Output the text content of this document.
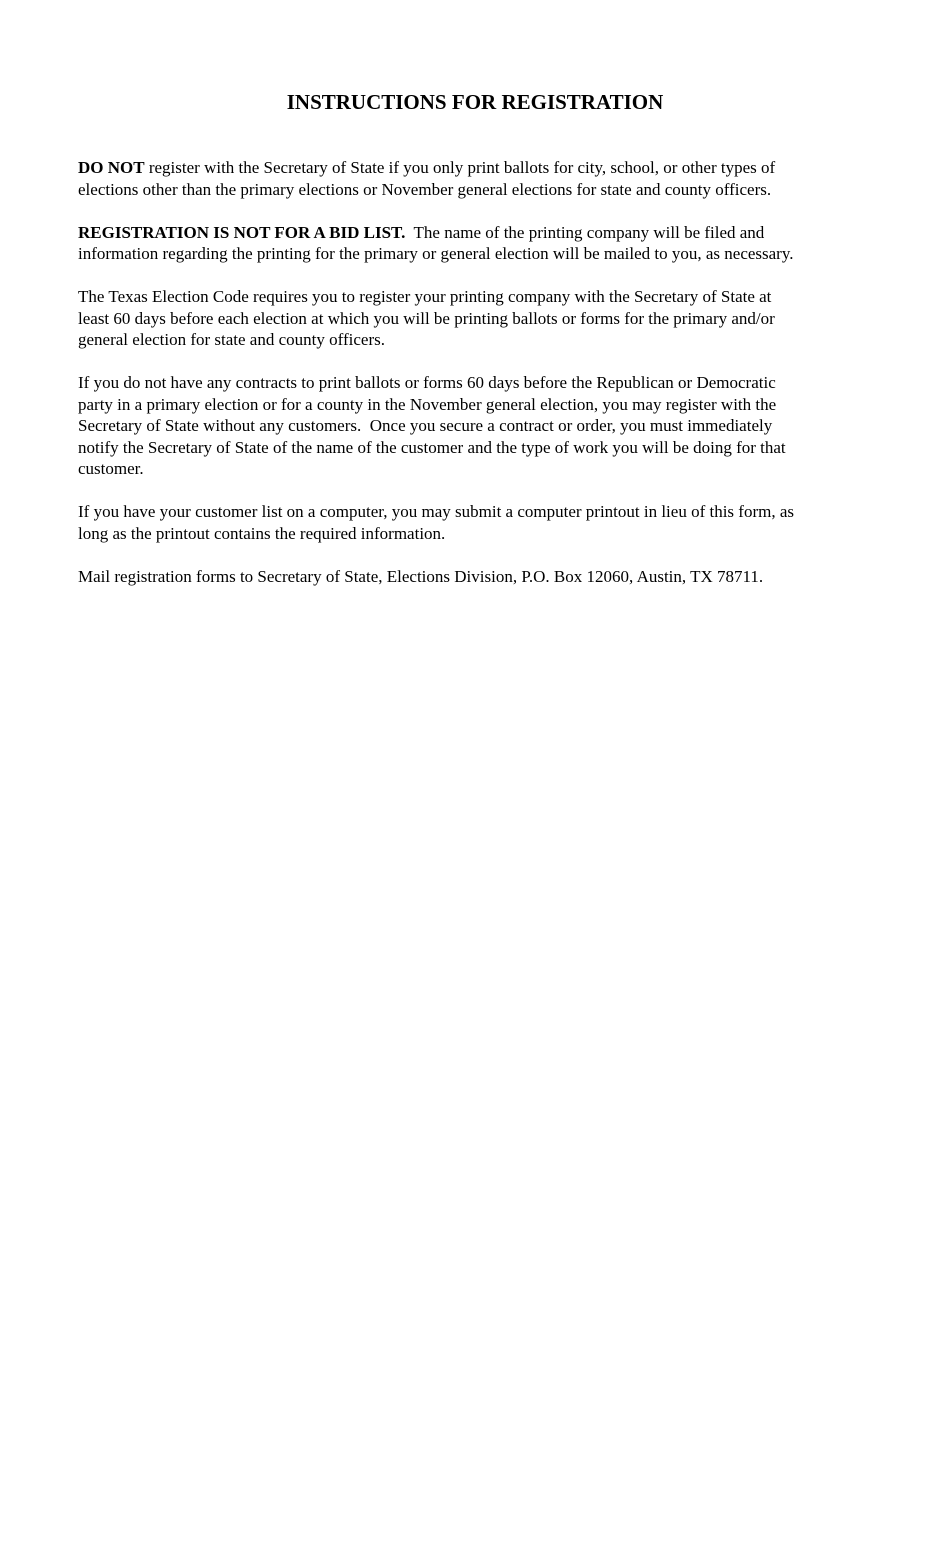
INSTRUCTIONS FOR REGISTRATION

DO NOT register with the Secretary of State if you only print ballots for city, school, or other types of
elections other than the primary elections or November general elections for state and county officers.

REGISTRATION IS NOT FOR A BID LIST.  The name of the printing company will be filed and
information regarding the printing for the primary or general election will be mailed to you, as necessary.

The Texas Election Code requires you to register your printing company with the Secretary of State at
least 60 days before each election at which you will be printing ballots or forms for the primary and/or
general election for state and county officers.

If you do not have any contracts to print ballots or forms 60 days before the Republican or Democratic
party in a primary election or for a county in the November general election, you may register with the
Secretary of State without any customers.  Once you secure a contract or order, you must immediately
notify the Secretary of State of the name of the customer and the type of work you will be doing for that
customer.

If you have your customer list on a computer, you may submit a computer printout in lieu of this form, as
long as the printout contains the required information.

Mail registration forms to Secretary of State, Elections Division, P.O. Box 12060, Austin, TX 78711.
